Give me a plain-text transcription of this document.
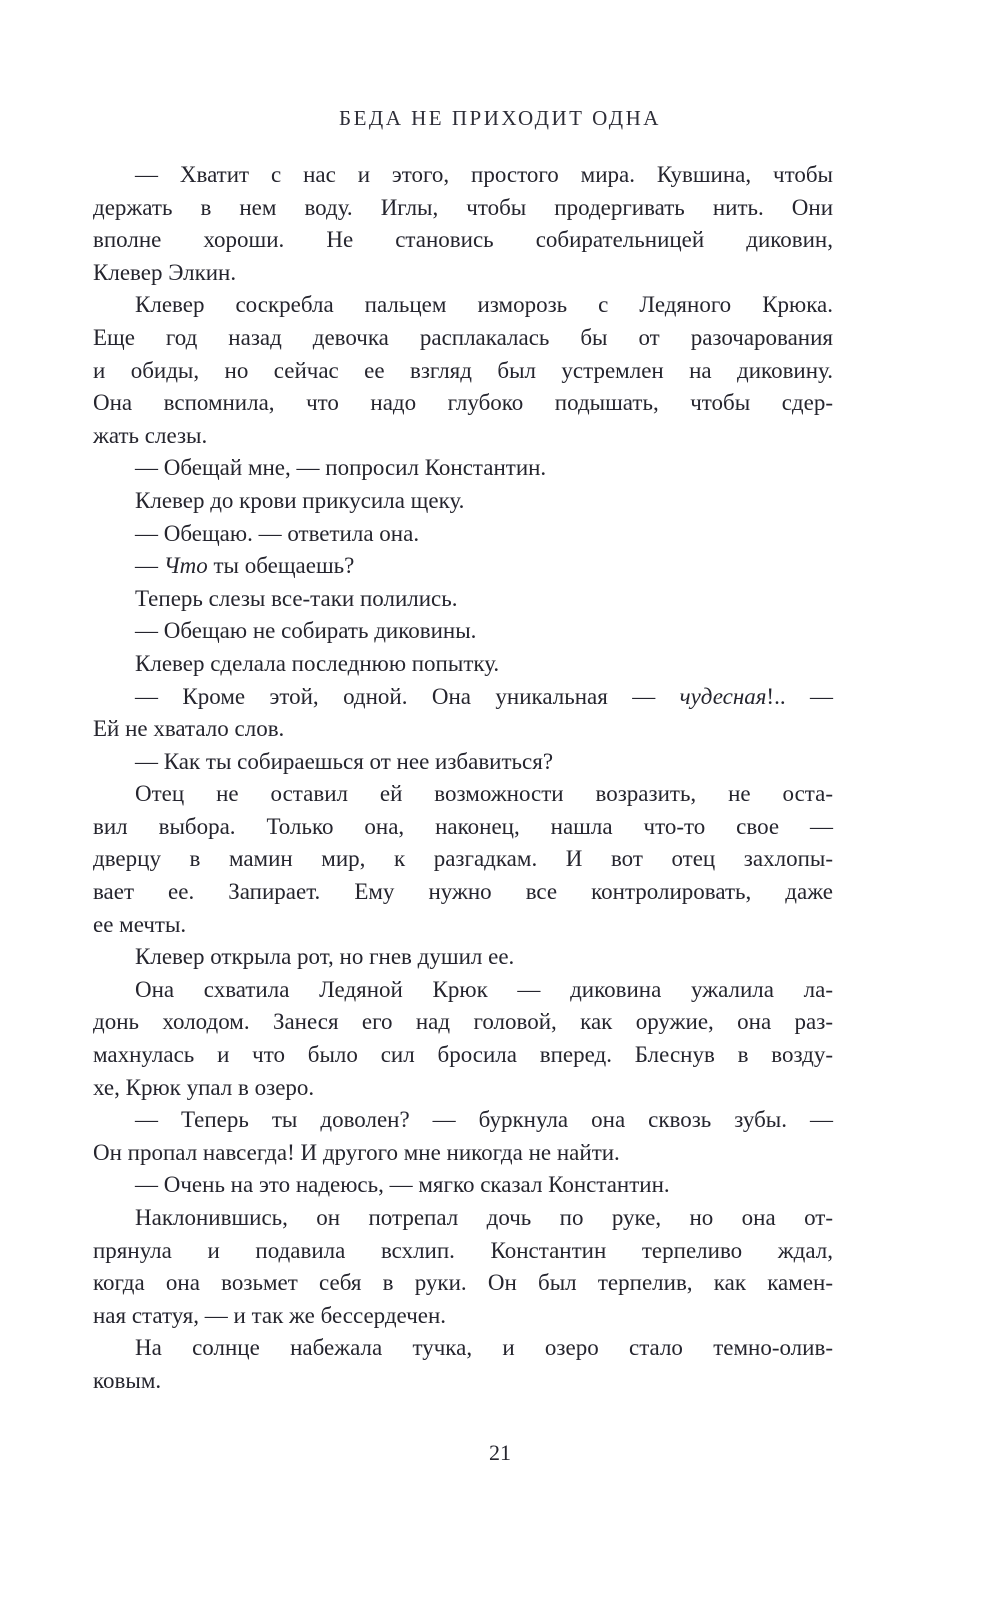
БЕДА НЕ ПРИХОДИТ ОДНА
— Хватит с нас и этого, простого мира. Кувшина, чтобы
держать в нем воду. Иглы, чтобы продергивать нить. Они
вполне хороши. Не становись собирательницей диковин,
Клевер Элкин.
Клевер соскребла пальцем изморозь с Ледяного Крюка.
Еще год назад девочка расплакалась бы от разочарования
и обиды, но сейчас ее взгляд был устремлен на диковину.
Она вспомнила, что надо глубоко подышать, чтобы сдер-
жать слезы.
— Обещай мне, — попросил Константин.
Клевер до крови прикусила щеку.
— Обещаю. — ответила она.
— Что ты обещаешь?
Теперь слезы все-таки полились.
— Обещаю не собирать диковины.
Клевер сделала последнюю попытку.
— Кроме этой, одной. Она уникальная — чудесная!.. —
Ей не хватало слов.
— Как ты собираешься от нее избавиться?
Отец не оставил ей возможности возразить, не оста-
вил выбора. Только она, наконец, нашла что-то свое —
дверцу в мамин мир, к разгадкам. И вот отец захлопы-
вает ее. Запирает. Ему нужно все контролировать, даже
ее мечты.
Клевер открыла рот, но гнев душил ее.
Она схватила Ледяной Крюк — диковина ужалила ла-
донь холодом. Занеся его над головой, как оружие, она раз-
махнулась и что было сил бросила вперед. Блеснув в возду-
хе, Крюк упал в озеро.
— Теперь ты доволен? — буркнула она сквозь зубы. —
Он пропал навсегда! И другого мне никогда не найти.
— Очень на это надеюсь, — мягко сказал Константин.
Наклонившись, он потрепал дочь по руке, но она от-
прянула и подавила всхлип. Константин терпеливо ждал,
когда она возьмет себя в руки. Он был терпелив, как камен-
ная статуя, — и так же бессердечен.
На солнце набежала тучка, и озеро стало темно-олив-
ковым.
21
